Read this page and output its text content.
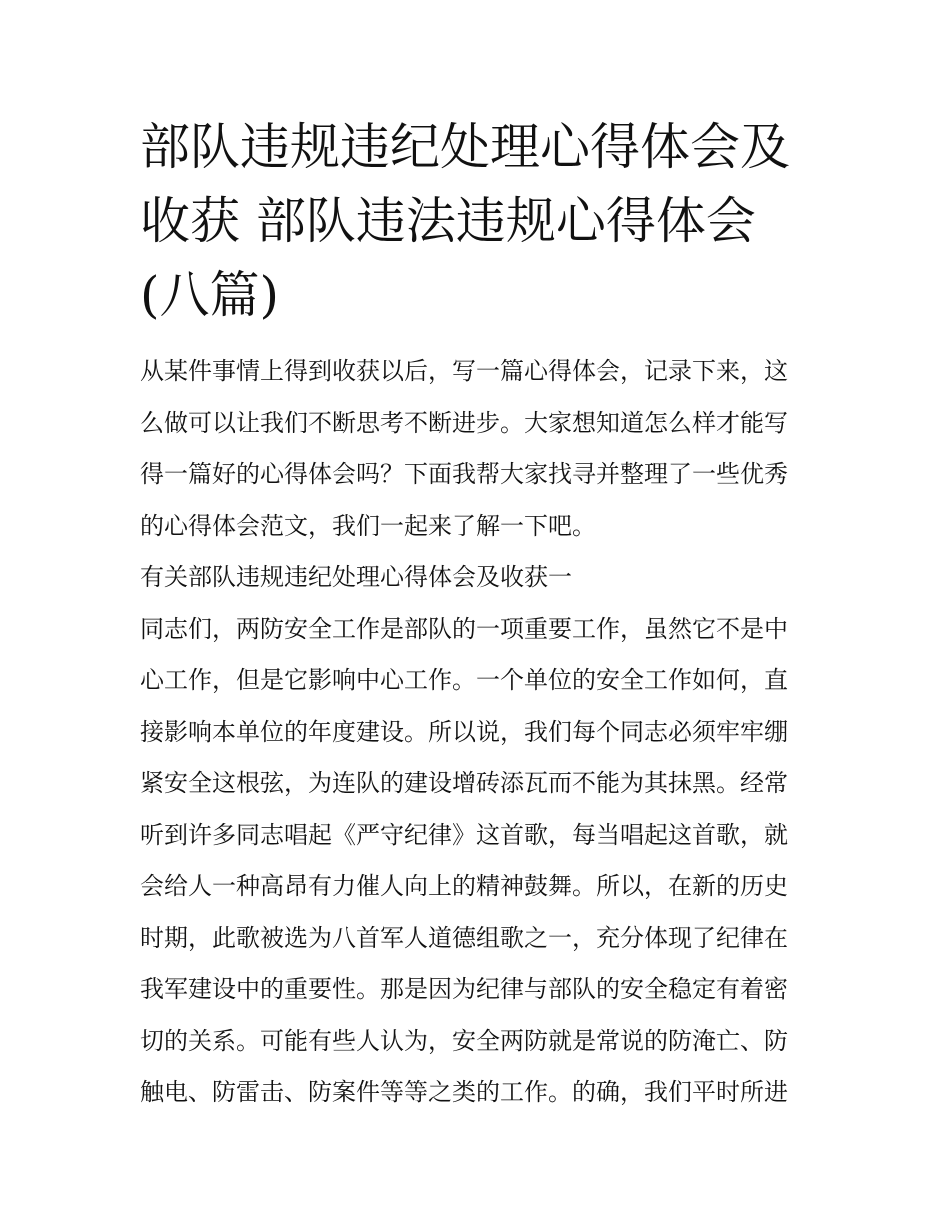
部队违规违纪处理心得体会及
收获 部队违法违规心得体会
(八篇)

从某件事情上得到收获以后，写一篇心得体会，记录下来，这
么做可以让我们不断思考不断进步。大家想知道怎么样才能写
得一篇好的心得体会吗？下面我帮大家找寻并整理了一些优秀
的心得体会范文，我们一起来了解一下吧。

有关部队违规违纪处理心得体会及收获一

同志们，两防安全工作是部队的一项重要工作，虽然它不是中
心工作，但是它影响中心工作。一个单位的安全工作如何，直
接影响本单位的年度建设。所以说，我们每个同志必须牢牢绷
紧安全这根弦，为连队的建设增砖添瓦而不能为其抹黑。经常
听到许多同志唱起《严守纪律》这首歌，每当唱起这首歌，就
会给人一种高昂有力催人向上的精神鼓舞。所以，在新的历史
时期，此歌被选为八首军人道德组歌之一，充分体现了纪律在
我军建设中的重要性。那是因为纪律与部队的安全稳定有着密
切的关系。可能有些人认为，安全两防就是常说的防淹亡、防
触电、防雷击、防案件等等之类的工作。的确，我们平时所进
